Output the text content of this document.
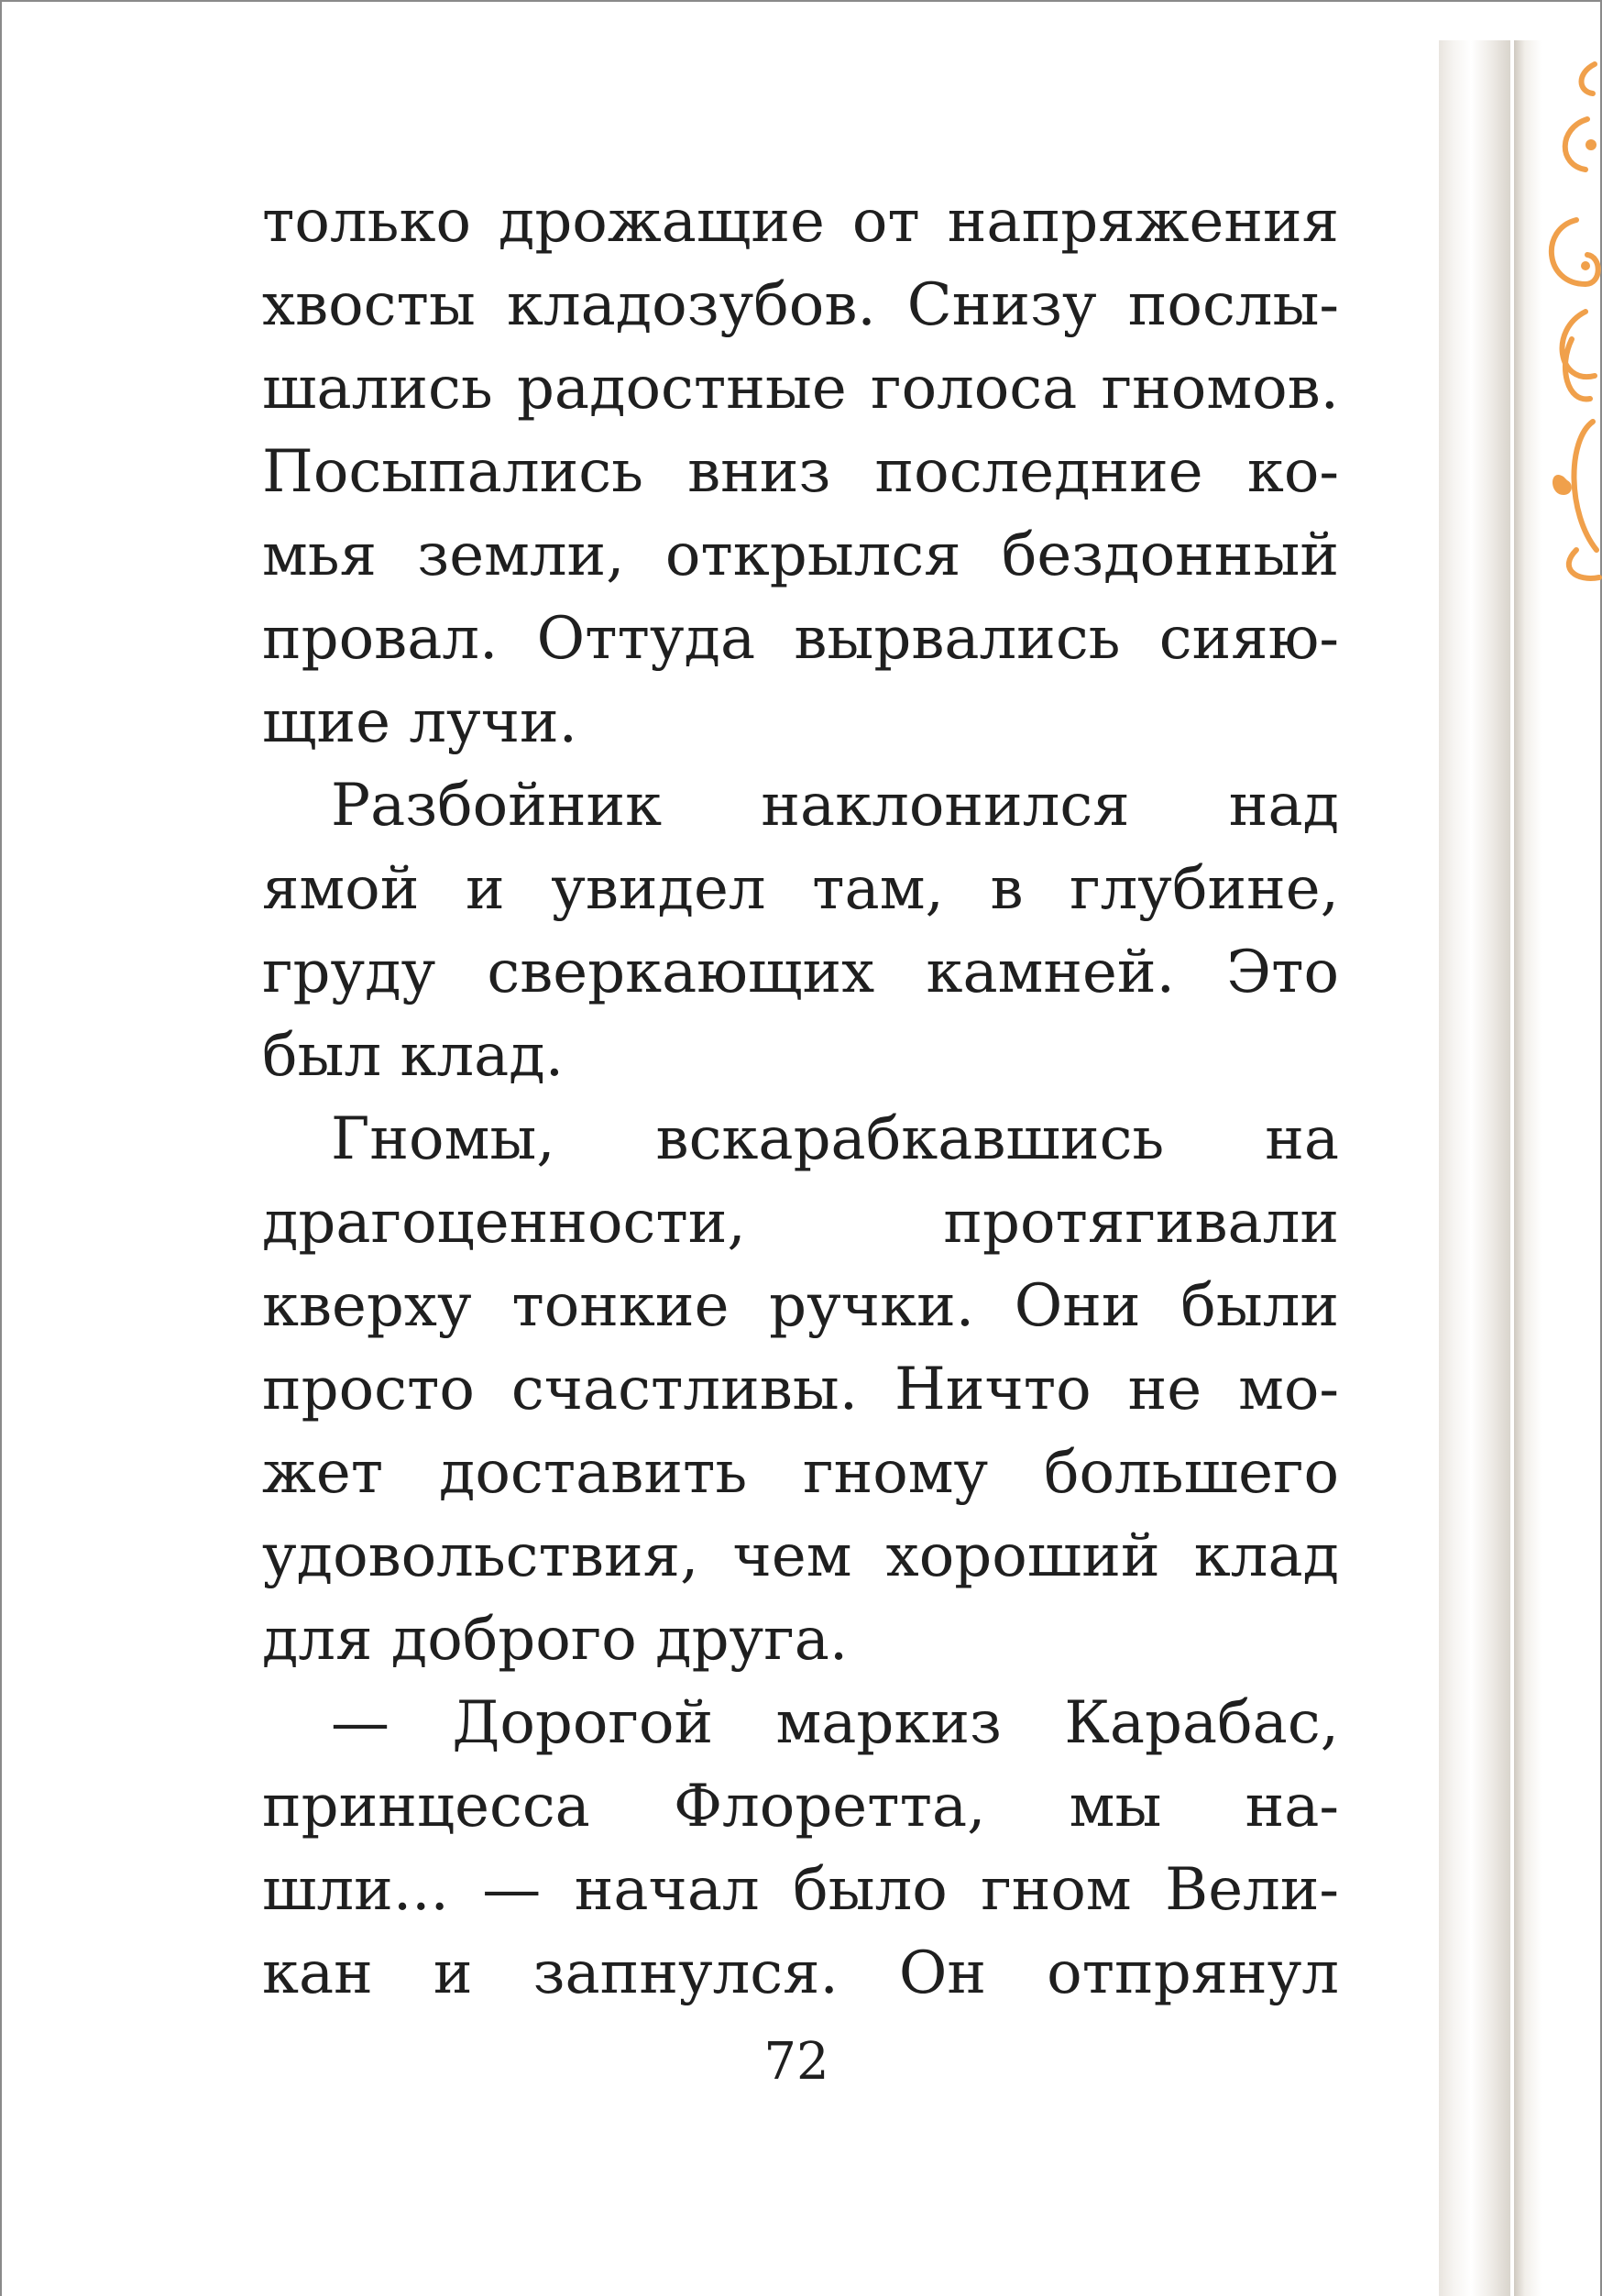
только дрожащие от напряжения
хвосты кладозубов. Снизу послы-
шались радостные голоса гномов.
Посыпались вниз последние ко-
мья земли, открылся бездонный
провал. Оттуда вырвались сияю-
щие лучи.
Разбойник наклонился над
ямой и увидел там, в глубине,
груду сверкающих камней. Это
был клад.
Гномы, вскарабкавшись на
драгоценности, протягивали
кверху тонкие ручки. Они были
просто счастливы. Ничто не мо-
жет доставить гному большего
удовольствия, чем хороший клад
для доброго друга.
— Дорогой маркиз Карабас,
принцесса Флоретта, мы на-
шли... — начал было гном Вели-
кан и запнулся. Он отпрянул
72
